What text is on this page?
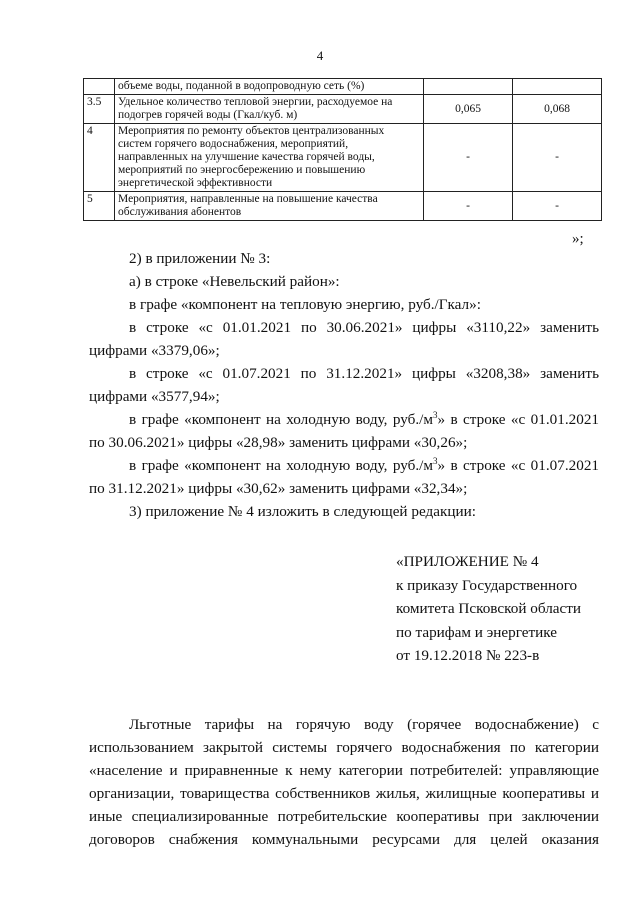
4
	объеме воды, поданной в водопроводную сеть (%)		
3.5	Удельное количество тепловой энергии, расходуемое на подогрев горячей воды (Гкал/куб. м)	0,065	0,068
4	Мероприятия по ремонту объектов централизованных систем горячего водоснабжения, мероприятий, направленных на улучшение качества горячей воды, мероприятий по энергосбережению и повышению энергетической эффективности	-	-
5	Мероприятия, направленные на повышение качества обслуживания абонентов	-	-
»;

2) в приложении № 3:

а) в строке «Невельский район»:

в графе «компонент на тепловую энергию, руб./Гкал»:

в строке «с 01.01.2021 по 30.06.2021» цифры «3110,22» заменить цифрами «3379,06»;

в строке «с 01.07.2021 по 31.12.2021» цифры «3208,38» заменить цифрами «3577,94»;

в графе «компонент на холодную воду, $руб./м^3$» в строке «с 01.01.2021 по 30.06.2021» цифры «28,98» заменить цифрами «30,26»;

в графе «компонент на холодную воду, $руб./м^3$» в строке «с 01.07.2021 по 31.12.2021» цифры «30,62» заменить цифрами «32,34»;

3) приложение № 4 изложить в следующей редакции:

«ПРИЛОЖЕНИЕ № 4
к приказу Государственного
комитета Псковской области
по тарифам и энергетике
от 19.12.2018 № 223-в

Льготные тарифы на горячую воду (горячее водоснабжение) с использованием закрытой системы горячего водоснабжения по категории «население и приравненные к нему категории потребителей: управляющие организации, товарищества собственников жилья, жилищные кооперативы и иные специализированные потребительские кооперативы при заключении договоров снабжения коммунальными ресурсами для целей оказания
